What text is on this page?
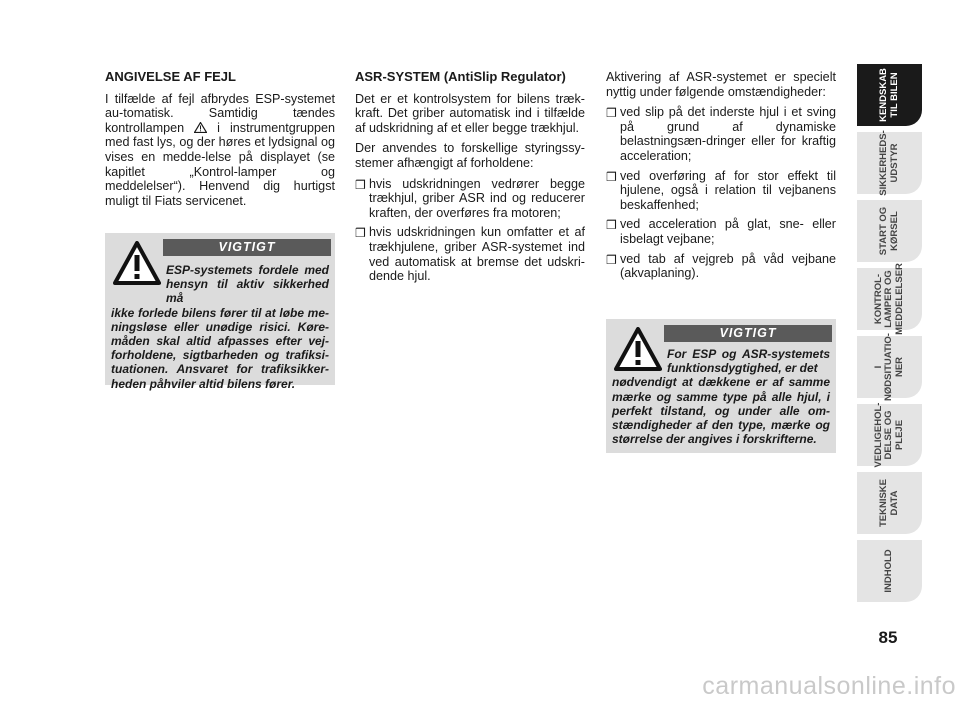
ANGIVELSE AF FEJL
I tilfælde af fejl afbrydes ESP-systemet au-tomatisk. Samtidig tændes kontrollampen	i instrumentgruppen med fast lys, og der høres et lydsignal og vises en medde-lelse på displayet (se kapitlet „Kontrol-lamper og meddelelser“). Henvend dig hurtigst muligt til Fiats servicenet.
VIGTIGT
ESP-systemets fordele med hensyn til aktiv sikkerhed må
ikke forlede bilens fører til at løbe me-ningsløse eller unødige risici. Køre-måden skal altid afpasses efter vej-forholdene, sigtbarheden og trafiksi-tuationen. Ansvaret for trafiksikker-heden påhviler altid bilens fører.
ASR-SYSTEM (AntiSlip Regulator)
Det er et kontrolsystem for bilens træk-kraft. Det griber automatisk ind i tilfælde af udskridning af et eller begge trækhjul.
Der anvendes to forskellige styringssy-stemer afhængigt af forholdene:
❒ hvis udskridningen vedrører begge trækhjul, griber ASR ind og reducerer kraften, der overføres fra motoren;
❒ hvis udskridningen kun omfatter et af trækhjulene, griber ASR-systemet ind ved automatisk at bremse det udskri-dende hjul.
Aktivering af ASR-systemet er specielt nyttig under følgende omstændigheder:
❒ ved slip på det inderste hjul i et sving på grund af dynamiske belastningsæn-dringer eller for kraftig acceleration;
❒ ved overføring af for stor effekt til hjulene, også i relation til vejbanens beskaffenhed;
❒ ved acceleration på glat, sne- eller isbelagt vejbane;
❒ ved tab af vejgreb på våd vejbane (akvaplaning).
VIGTIGT
For ESP og ASR-systemets funktionsdygtighed, er det
nødvendigt at dækkene er af samme mærke og samme type på alle hjul, i perfekt tilstand, og under alle om-stændigheder af den type, mærke og størrelse der angives i forskrifterne.
KENDSKAB
TIL BILEN
SIKKERHEDS-
UDSTYR
START OG
KØRSEL
KONTROL-
LAMPER OG
MEDDELELSER
I
NØDSITUATIO-
NER
VEDLIGEHOL-
DELSE OG PLEJE
TEKNISKE
DATA
INDHOLD
85
carmanualsonline.info
